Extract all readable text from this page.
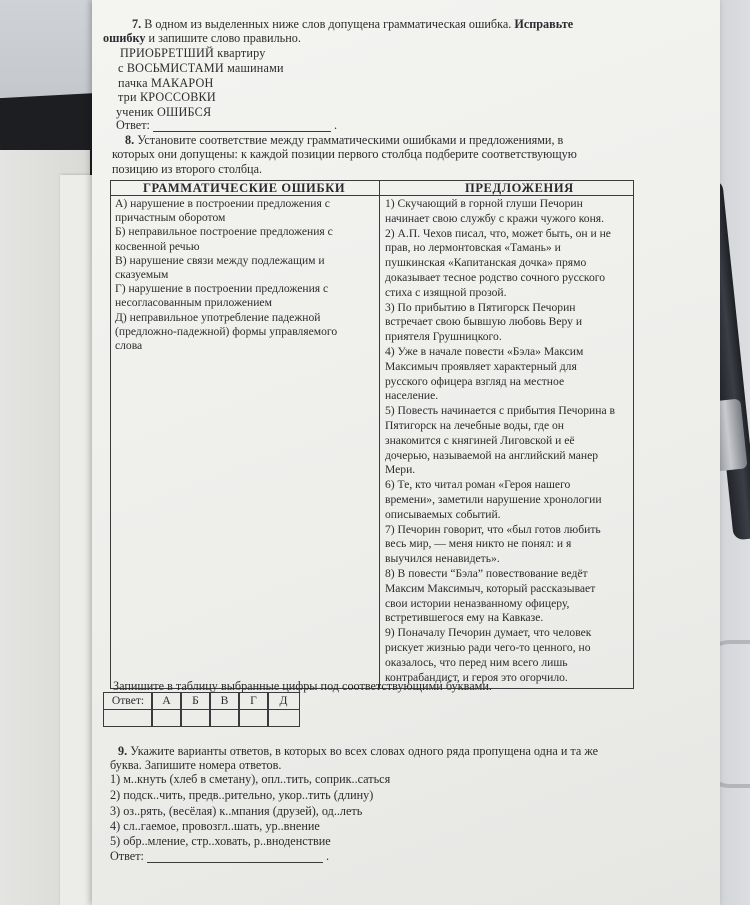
7. В одном из выделенных ниже слов допущена грамматическая ошибка. Исправьте
ошибку и запишите слово правильно.
ПРИОБРЕТШИЙ квартиру
с ВОСЬМИСТАМИ машинами
пачка МАКАРОН
три КРОССОВКИ
ученик ОШИБСЯ
Ответ:	.
8. Установите соответствие между грамматическими ошибками и предложениями, в
которых они допущены: к каждой позиции первого столбца подберите соответствующую
позицию из второго столбца.
ГРАММАТИЧЕСКИЕ ОШИБКИ	ПРЕДЛОЖЕНИЯ
А) нарушение в построении предложения с
причастным оборотом
Б) неправильное построение предложения с
косвенной речью
В) нарушение связи между подлежащим и
сказуемым
Г) нарушение в построении предложения с
несогласованным приложением
Д) неправильное употребление падежной
(предложно-падежной) формы управляемого
слова
1) Скучающий в горной глуши Печорин
начинает свою службу с кражи чужого коня.
2) А.П. Чехов писал, что, может быть, он и не
прав, но лермонтовская «Тамань» и
пушкинская «Капитанская дочка» прямо
доказывает тесное родство сочного русского
стиха с изящной прозой.
3) По прибытию в Пятигорск Печорин
встречает свою бывшую любовь Веру и
приятеля Грушницкого.
4) Уже в начале повести «Бэла» Максим
Максимыч проявляет характерный для
русского офицера взгляд на местное
население.
5) Повесть начинается с прибытия Печорина в
Пятигорск на лечебные воды, где он
знакомится с княгиней Лиговской и её
дочерью, называемой на английский манер
Мери.
6) Те, кто читал роман «Героя нашего
времени», заметили нарушение хронологии
описываемых событий.
7) Печорин говорит, что «был готов любить
весь мир, — меня никто не понял: и я
выучился ненавидеть».
8) В повести “Бэла” повествование ведёт
Максим Максимыч, который рассказывает
свои истории неназванному офицеру,
встретившегося ему на Кавказе.
9) Поначалу Печорин думает, что человек
рискует жизнью ради чего-то ценного, но
оказалось, что перед ним всего лишь
контрабандист, и героя это огорчило.
Запишите в таблицу выбранные цифры под соответствующими буквами.
Ответ:	А	Б	В	Г	Д
9. Укажите варианты ответов, в которых во всех словах одного ряда пропущена одна и та же
буква. Запишите номера ответов.
1) м..кнуть (хлеб в сметану), опл..тить, соприк..саться
2) подск..чить, предв..рительно, укор..тить (длину)
3) оз..рять, (весёлая) к..мпания (друзей), од..леть
4) сл..гаемое, провозгл..шать, ур..внение
5) обр..мление, стр..ховать, р..вноденствие
Ответ:	.
